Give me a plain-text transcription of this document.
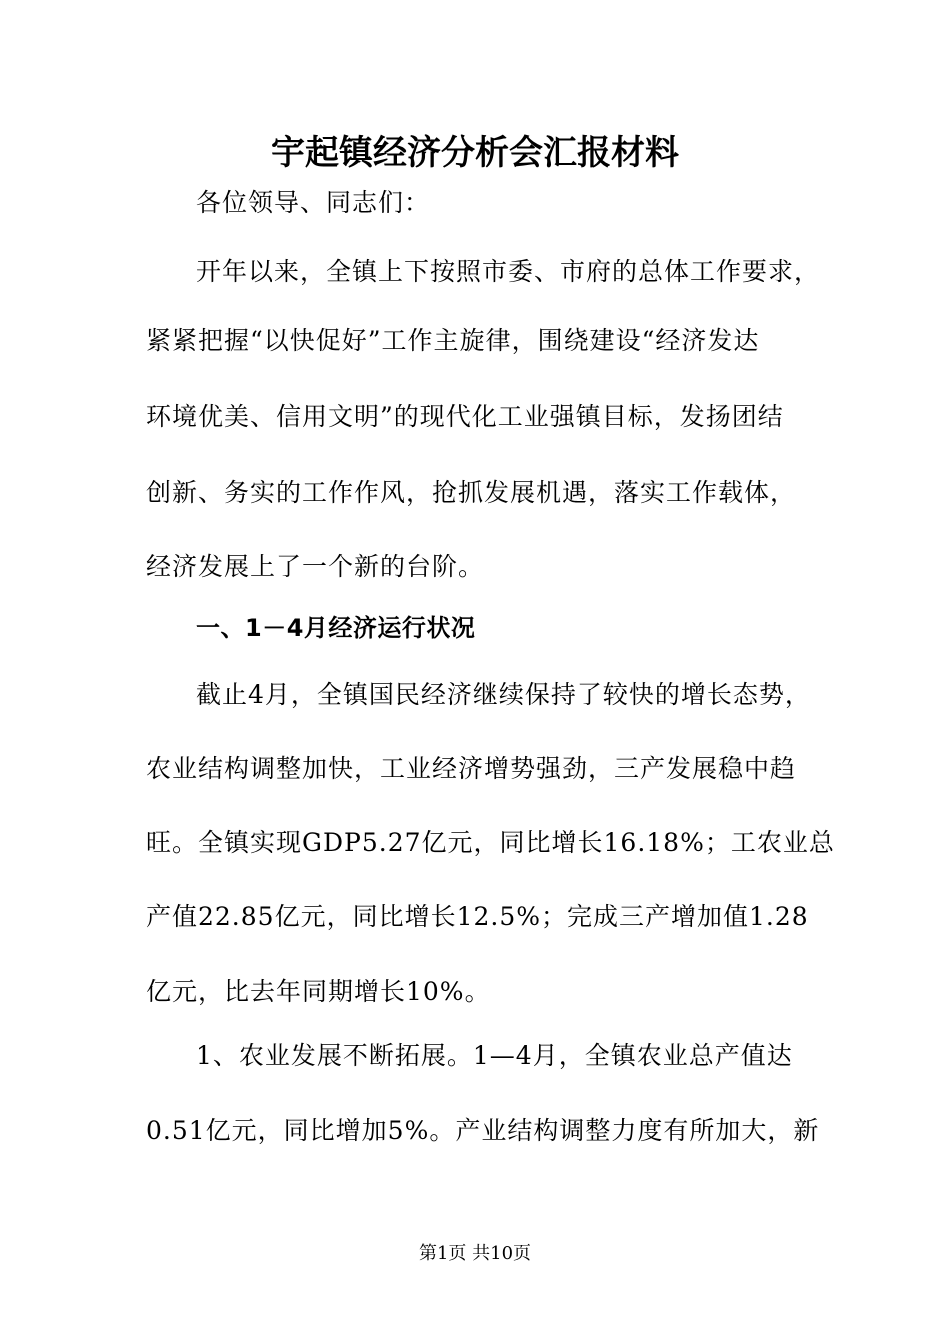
宇起镇经济分析会汇报材料
各位领导、同志们：
开年以来，全镇上下按照市委、市府的总体工作要求，
紧紧把握“以快促好”工作主旋律，围绕建设“经济发达
环境优美、信用文明”的现代化工业强镇目标，发扬团结
创新、务实的工作作风，抢抓发展机遇，落实工作载体，
经济发展上了一个新的台阶。
一、1－4月经济运行状况
截止4月，全镇国民经济继续保持了较快的增长态势，
农业结构调整加快，工业经济增势强劲，三产发展稳中趋
旺。全镇实现GDP5.27亿元，同比增长16.18%；工农业总
产值22.85亿元，同比增长12.5%；完成三产增加值1.28
亿元，比去年同期增长10%。
1、农业发展不断拓展。1—4月，全镇农业总产值达
0.51亿元，同比增加5%。产业结构调整力度有所加大，新
第1页 共10页
